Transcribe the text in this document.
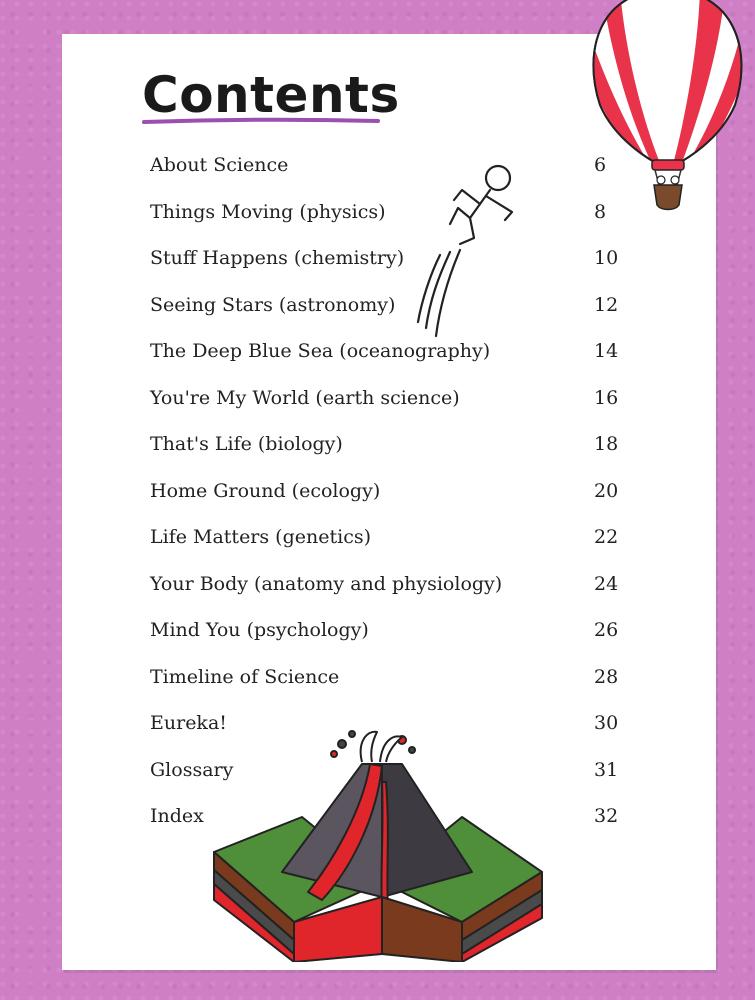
Contents
About Science	6
Things Moving (physics)	8
Stuff Happens (chemistry)	10
Seeing Stars (astronomy)	12
The Deep Blue Sea (oceanography)	14
You're My World (earth science)	16
That's Life (biology)	18
Home Ground (ecology)	20
Life Matters (genetics)	22
Your Body (anatomy and physiology)	24
Mind You (psychology)	26
Timeline of Science	28
Eureka!	30
Glossary	31
Index	32
